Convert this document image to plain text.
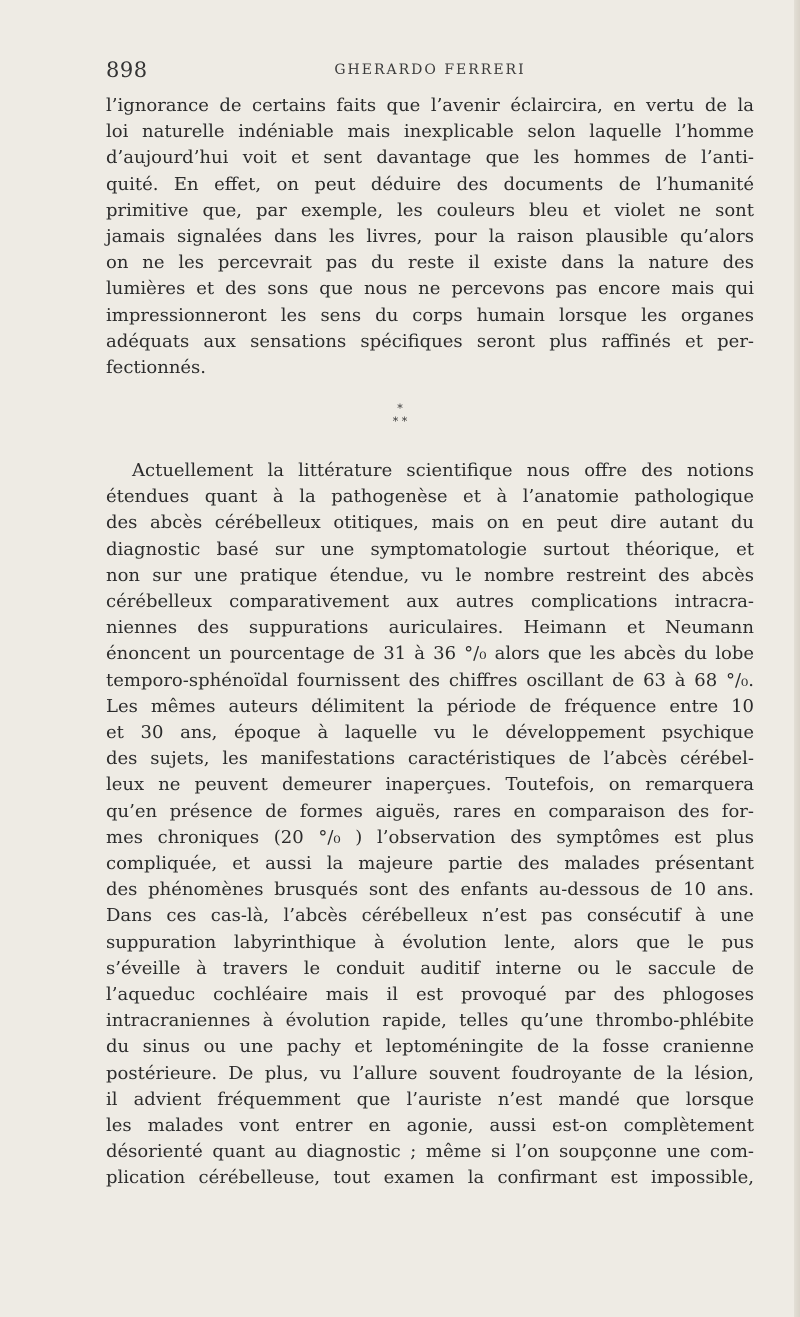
898	GHERARDO FERRERI
l’ignorance de certains faits que l’avenir éclaircira, en vertu de la
loi naturelle indéniable mais inexplicable selon laquelle l’homme
d’aujourd’hui voit et sent davantage que les hommes de l’anti-
quité. En effet, on peut déduire des documents de l’humanité
primitive que, par exemple, les couleurs bleu et violet ne sont
jamais signalées dans les livres, pour la raison plausible qu’alors
on ne les percevrait pas du reste il existe dans la nature des
lumières et des sons que nous ne percevons pas encore mais qui
impressionneront les sens du corps humain lorsque les organes
adéquats aux sensations spécifiques seront plus raffinés et per-
fectionnés.
*
* *
Actuellement la littérature scientifique nous offre des notions
étendues quant à la pathogenèse et à l’anatomie pathologique
des abcès cérébelleux otitiques, mais on en peut dire autant du
diagnostic basé sur une symptomatologie surtout théorique, et
non sur une pratique étendue, vu le nombre restreint des abcès
cérébelleux comparativement aux autres complications intracra-
niennes des suppurations auriculaires. Heimann et Neumann
énoncent un pourcentage de 31 à 36 °/₀ alors que les abcès du lobe
temporo-sphénoïdal fournissent des chiffres oscillant de 63 à 68 °/₀.
Les mêmes auteurs délimitent la période de fréquence entre 10
et 30 ans, époque à laquelle vu le développement psychique
des sujets, les manifestations caractéristiques de l’abcès cérébel-
leux ne peuvent demeurer inaperçues. Toutefois, on remarquera
qu’en présence de formes aiguës, rares en comparaison des for-
mes chroniques (20 °/₀ ) l’observation des symptômes est plus
compliquée, et aussi la majeure partie des malades présentant
des phénomènes brusqués sont des enfants au-dessous de 10 ans.
Dans ces cas-là, l’abcès cérébelleux n’est pas consécutif à une
suppuration labyrinthique à évolution lente, alors que le pus
s’éveille à travers le conduit auditif interne ou le saccule de
l’aqueduc cochléaire mais il est provoqué par des phlogoses
intracraniennes à évolution rapide, telles qu’une thrombo-phlébite
du sinus ou une pachy et leptoméningite de la fosse cranienne
postérieure. De plus, vu l’allure souvent foudroyante de la lésion,
il advient fréquemment que l’auriste n’est mandé que lorsque
les malades vont entrer en agonie, aussi est-on complètement
désorienté quant au diagnostic ; même si l’on soupçonne une com-
plication cérébelleuse, tout examen la confirmant est impossible,
